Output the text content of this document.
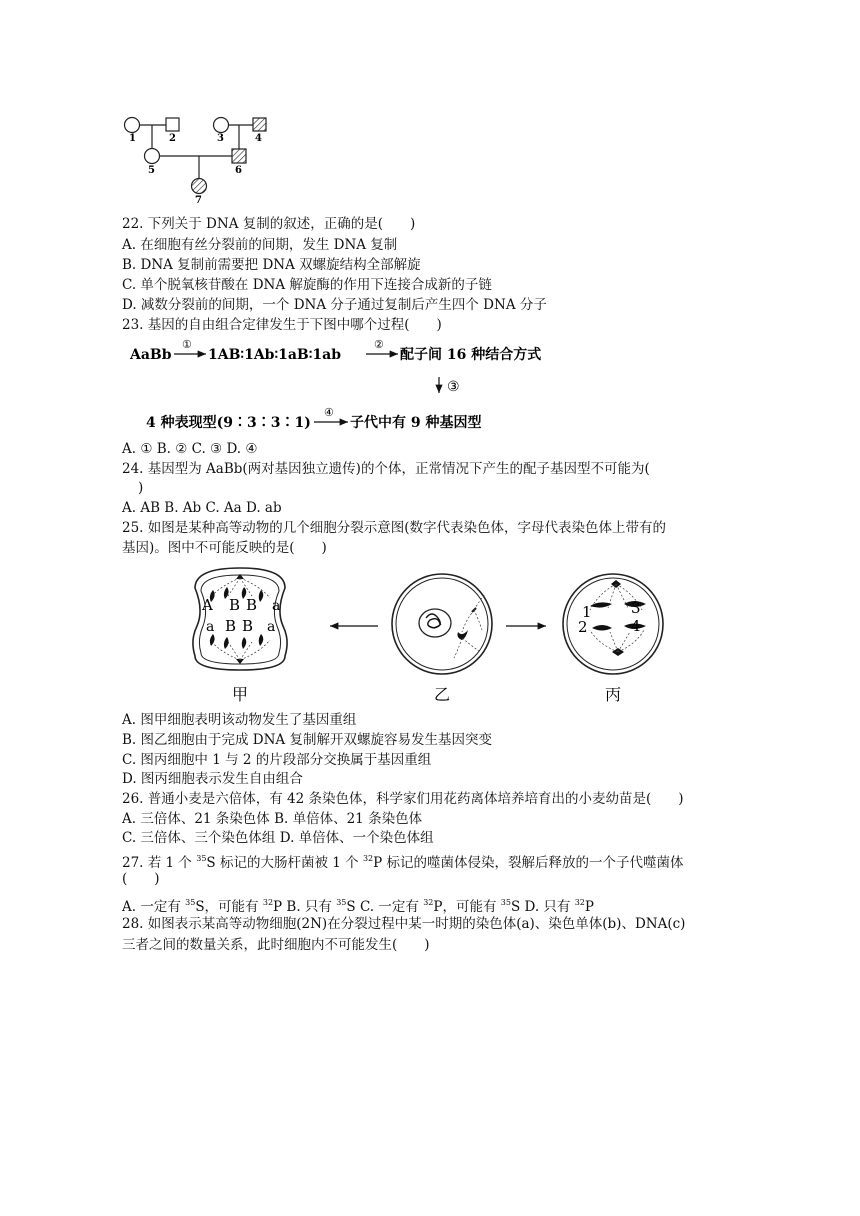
1	2	3	4
5	6
7
22. 下列关于 DNA 复制的叙述，正确的是(　　)
A. 在细胞有丝分裂前的间期，发生 DNA 复制
B. DNA 复制前需要把 DNA 双螺旋结构全部解旋
C. 单个脱氧核苷酸在 DNA 解旋酶的作用下连接合成新的子链
D. 减数分裂前的间期，一个 DNA 分子通过复制后产生四个 DNA 分子
23. 基因的自由组合定律发生于下图中哪个过程(　　)
AaBb
①
1AB∶1Ab∶1aB∶1ab
②
配子间 16 种结合方式
③
4 种表现型(9∶3∶3∶1)
④
子代中有 9 种基因型
A. ① B. ② C. ③ D. ④
24. 基因型为 AaBb(两对基因独立遗传)的个体，正常情况下产生的配子基因型不可能为(
)
A. AB B. Ab C. Aa D. ab
25. 如图是某种高等动物的几个细胞分裂示意图(数字代表染色体，字母代表染色体上带有的
基因)。图中不可能反映的是(　　)
A B B a
a B B a
1
2
3
4
甲	乙	丙
A. 图甲细胞表明该动物发生了基因重组
B. 图乙细胞由于完成 DNA 复制解开双螺旋容易发生基因突变
C. 图丙细胞中 1 与 2 的片段部分交换属于基因重组
D. 图丙细胞表示发生自由组合
26. 普通小麦是六倍体，有 42 条染色体，科学家们用花药离体培养培育出的小麦幼苗是(　　)
A. 三倍体、21 条染色体 B. 单倍体、21 条染色体
C. 三倍体、三个染色体组 D. 单倍体、一个染色体组
27. 若 1 个 $^{35}$S 标记的大肠杆菌被 1 个 $^{32}$P 标记的噬菌体侵染，裂解后释放的一个子代噬菌体
(　　)
A. 一定有 $^{35}$S，可能有 $^{32}$P B. 只有 $^{35}$S C. 一定有 $^{32}$P，可能有 $^{35}$S D. 只有 $^{32}$P
28. 如图表示某高等动物细胞(2N)在分裂过程中某一时期的染色体(a)、染色单体(b)、DNA(c)
三者之间的数量关系，此时细胞内不可能发生(　　)
